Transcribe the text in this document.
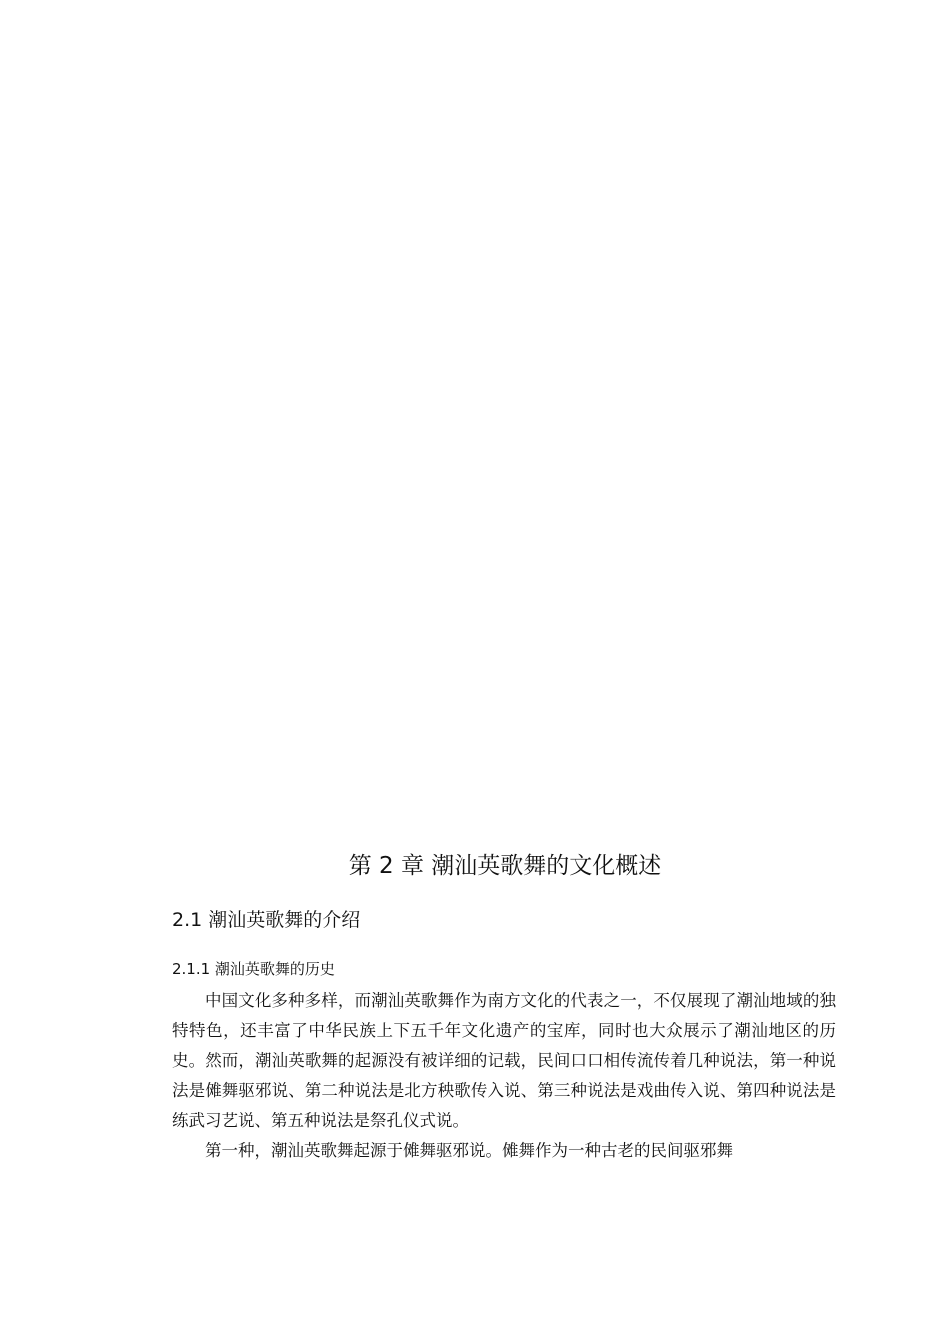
第 2 章 潮汕英歌舞的文化概述
2.1 潮汕英歌舞的介绍
2.1.1 潮汕英歌舞的历史

中国文化多种多样，而潮汕英歌舞作为南方文化的代表之一，不仅展现了潮汕地域的独特特色，还丰富了中华民族上下五千年文化遗产的宝库，同时也大众展示了潮汕地区的历史。然而，潮汕英歌舞的起源没有被详细的记载，民间口口相传流传着几种说法，第一种说法是傩舞驱邪说、第二种说法是北方秧歌传入说、第三种说法是戏曲传入说、第四种说法是练武习艺说、第五种说法是祭孔仪式说。

第一种，潮汕英歌舞起源于傩舞驱邪说。傩舞作为一种古老的民间驱邪舞
